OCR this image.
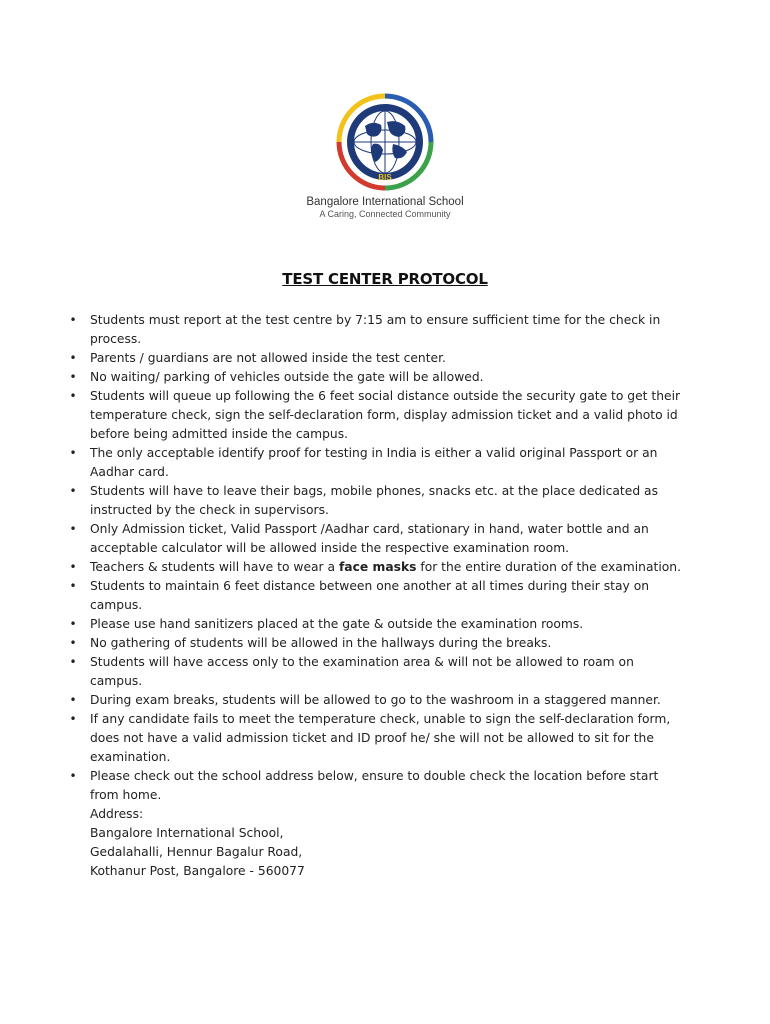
BIS
Bangalore International School
A Caring, Connected Community
TEST CENTER PROTOCOL
• Students must report at the test centre by 7:15 am to ensure sufficient time for the check in process.
• Parents / guardians are not allowed inside the test center.
• No waiting/ parking of vehicles outside the gate will be allowed.
• Students will queue up following the 6 feet social distance outside the security gate to get their temperature check, sign the self-declaration form, display admission ticket and a valid photo id before being admitted inside the campus.
• The only acceptable identify proof for testing in India is either a valid original Passport or an Aadhar card.
• Students will have to leave their bags, mobile phones, snacks etc. at the place dedicated as instructed by the check in supervisors.
• Only Admission ticket, Valid Passport /Aadhar card, stationary in hand, water bottle and an acceptable calculator will be allowed inside the respective examination room.
• Teachers & students will have to wear a face masks for the entire duration of the examination.
• Students to maintain 6 feet distance between one another at all times during their stay on campus.
• Please use hand sanitizers placed at the gate & outside the examination rooms.
• No gathering of students will be allowed in the hallways during the breaks.
• Students will have access only to the examination area & will not be allowed to roam on campus.
• During exam breaks, students will be allowed to go to the washroom in a staggered manner.
• If any candidate fails to meet the temperature check, unable to sign the self-declaration form, does not have a valid admission ticket and ID proof he/ she will not be allowed to sit for the examination.
• Please check out the school address below, ensure to double check the location before start from home.
Address:
Bangalore International School,
Gedalahalli, Hennur Bagalur Road,
Kothanur Post, Bangalore - 560077
